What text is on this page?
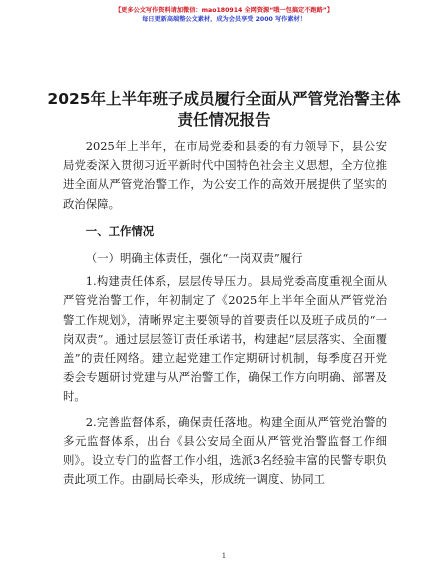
【更多公文写作资料请加微信：mao180914 全网资源“哦一包搞定不跑路”】
每日更新高端整公文素材，成为会员享受 2000 写作素材！
2025年上半年班子成员履行全面从严管党治警主体责任情况报告

2025年上半年，在市局党委和县委的有力领导下，县公安局党委深入贯彻习近平新时代中国特色社会主义思想，全方位推进全面从严管党治警工作，为公安工作的高效开展提供了坚实的政治保障。

一、工作情况

（一）明确主体责任，强化“一岗双责”履行

1.构建责任体系，层层传导压力。县局党委高度重视全面从严管党治警工作，年初制定了《2025年上半年全面从严管党治警工作规划》，清晰界定主要领导的首要责任以及班子成员的“一岗双责”。通过层层签订责任承诺书，构建起“层层落实、全面覆盖”的责任网络。建立起党建工作定期研讨机制，每季度召开党委会专题研讨党建与从严治警工作，确保工作方向明确、部署及时。

2.完善监督体系，确保责任落地。构建全面从严管党治警的多元监督体系，出台《县公安局全面从严管党治警监督工作细则》。设立专门的监督工作小组，选派3名经验丰富的民警专职负责此项工作。由副局长牵头，形成统一调度、协同工

1
